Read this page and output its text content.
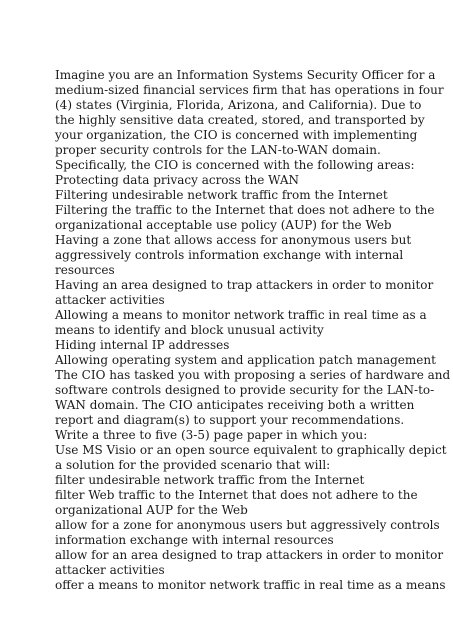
Imagine you are an Information Systems Security Officer for a
medium-sized financial services firm that has operations in four
(4) states (Virginia, Florida, Arizona, and California). Due to
the highly sensitive data created, stored, and transported by
your organization, the CIO is concerned with implementing
proper security controls for the LAN-to-WAN domain.
Specifically, the CIO is concerned with the following areas:
Protecting data privacy across the WAN
Filtering undesirable network traffic from the Internet
Filtering the traffic to the Internet that does not adhere to the
organizational acceptable use policy (AUP) for the Web
Having a zone that allows access for anonymous users but
aggressively controls information exchange with internal
resources
Having an area designed to trap attackers in order to monitor
attacker activities
Allowing a means to monitor network traffic in real time as a
means to identify and block unusual activity
Hiding internal IP addresses
Allowing operating system and application patch management
The CIO has tasked you with proposing a series of hardware and
software controls designed to provide security for the LAN-to-
WAN domain. The CIO anticipates receiving both a written
report and diagram(s) to support your recommendations.
Write a three to five (3-5) page paper in which you:
Use MS Visio or an open source equivalent to graphically depict
a solution for the provided scenario that will:
filter undesirable network traffic from the Internet
filter Web traffic to the Internet that does not adhere to the
organizational AUP for the Web
allow for a zone for anonymous users but aggressively controls
information exchange with internal resources
allow for an area designed to trap attackers in order to monitor
attacker activities
offer a means to monitor network traffic in real time as a means
